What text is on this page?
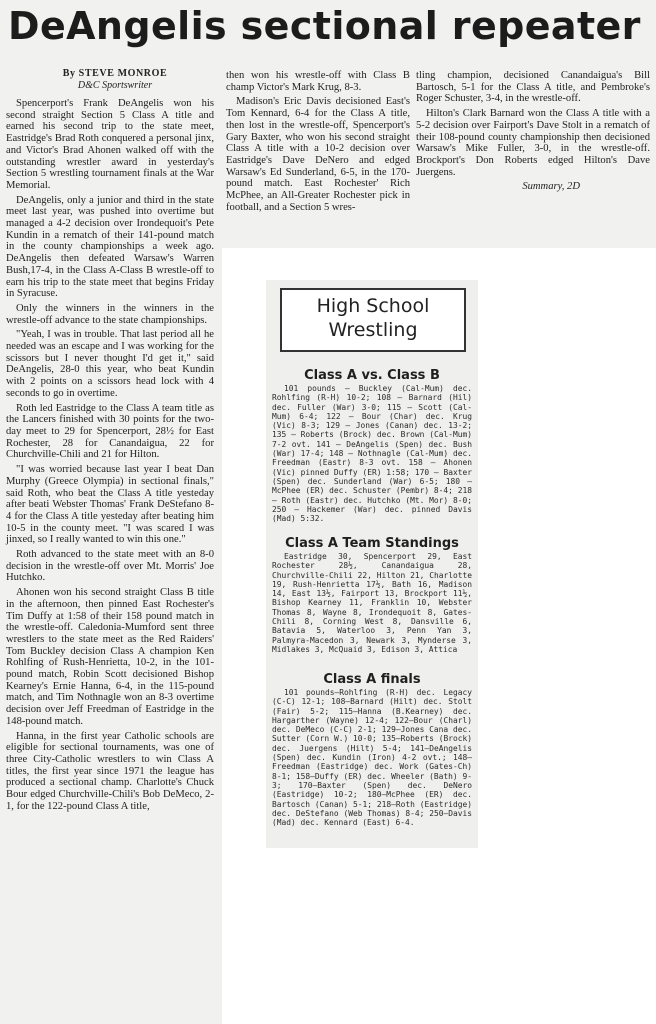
DeAngelis sectional repeater
By STEVE MONROE
D&C Sportswriter

Spencerport's Frank DeAngelis won his second straight Section 5 Class A title and earned his second trip to the state meet, Eastridge's Brad Roth conquered a personal jinx, and Victor's Brad Ahonen walked off with the outstanding wrestler award in yesterday's Section 5 wrestling tournament finals at the War Memorial.

DeAngelis, only a junior and third in the state meet last year, was pushed into overtime but managed a 4-2 decision over Irondequoit's Pete Kundin in a rematch of their 141-pound match in the county championships a week ago. DeAngelis then defeated Warsaw's Warren Bush,17-4, in the Class A-Class B wrestle-off to earn his trip to the state meet that begins Friday in Syracuse.

Only the winners in the winners in the wrestle-off advance to the state championships.

"Yeah, I was in trouble. That last period all he needed was an escape and I was working for the scissors but I never thought I'd get it," said DeAngelis, 28-0 this year, who beat Kundin with 2 points on a scissors head lock with 4 seconds to go in overtime.

Roth led Eastridge to the Class A team title as the Lancers finished with 30 points for the two-day meet to 29 for Spencerport, 28½ for East Rochester, 28 for Canandaigua, 22 for Churchville-Chili and 21 for Hilton.

"I was worried because last year I beat Dan Murphy (Greece Olympia) in sectional finals," said Roth, who beat the Class A title yesteday after beati Webster Thomas' Frank DeStefano 8-4 for the Class A title yesteday after beating him 10-5 in the county meet. "I was scared I was jinxed, so I really wanted to win this one."

Roth advanced to the state meet with an 8-0 decision in the wrestle-off over Mt. Morris' Joe Hutchko.

Ahonen won his second straight Class B title in the afternoon, then pinned East Rochester's Tim Duffy at 1:58 of their 158 pound match in the wrestle-off. Caledonia-Mumford sent three wrestlers to the state meet as the Red Raiders' Tom Buckley decision Class A champion Ken Rohlfing of Rush-Henrietta, 10-2, in the 101-pound match, Robin Scott decisioned Bishop Kearney's Ernie Hanna, 6-4, in the 115-pound match, and Tim Nothnagle won an 8-3 overtime decision over Jeff Freedman of Eastridge in the 148-pound match.

Hanna, in the first year Catholic schools are eligible for sectional tournaments, was one of three City-Catholic wrestlers to win Class A titles, the first year since 1971 the league has produced a sectional champ. Charlotte's Chuck Bour edged Churchville-Chili's Bob DeMeco, 2-1, for the 122-pound Class A title,

then won his wrestle-off with Class B champ Victor's Mark Krug, 8-3.

Madison's Eric Davis decisioned East's Tom Kennard, 6-4 for the Class A title, then lost in the wrestle-off, Spencerport's Gary Baxter, who won his second straight Class A title with a 10-2 decision over Eastridge's Dave DeNero and edged Warsaw's Ed Sunderland, 6-5, in the 170-pound match. East Rochester' Rich McPhee, an All-Greater Rochester pick in football, and a Section 5 wres-

tling champion, decisioned Canandaigua's Bill Bartosch, 5-1 for the Class A title, and Pembroke's Roger Schuster, 3-4, in the wrestle-off.

Hilton's Clark Barnard won the Class A title with a 5-2 decision over Fairport's Dave Stolt in a rematch of their 108-pound county championship then decisioned Warsaw's Mike Fuller, 3-0, in the wrestle-off. Brockport's Don Roberts edged Hilton's Dave Juergens.

Summary, 2D
High School
Wrestling
Class A vs. Class B

101 pounds — Buckley (Cal-Mum) dec. Rohlfing (R-H) 10-2; 108 — Barnard (Hil) dec. Fuller (War) 3-0; 115 — Scott (Cal-Mum) 6-4; 122 — Bour (Char) dec. Krug (Vic) 8-3; 129 — Jones (Canan) dec. 13-2; 135 — Roberts (Brock) dec. Brown (Cal-Mum) 7-2 ovt. 141 — DeAngelis (Spen) dec. Bush (War) 17-4; 148 — Nothnagle (Cal-Mum) dec. Freedman (Eastr) 8-3 ovt. 158 — Ahonen (Vic) pinned Duffy (ER) 1:58; 170 — Baxter (Spen) dec. Sunderland (War) 6-5; 180 — McPhee (ER) dec. Schuster (Pembr) 8-4; 218 — Roth (Eastr) dec. Hutchko (Mt. Mor) 8-0; 250 — Hackemer (War) dec. pinned Davis (Mad) 5:32.

Class A Team Standings

Eastridge 30, Spencerport 29, East Rochester 28½, Canandaigua 28, Churchville-Chili 22, Hilton 21, Charlotte 19, Rush-Henrietta 17½, Bath 16, Madison 14, East 13½, Fairport 13, Brockport 11½, Bishop Kearney 11, Franklin 10, Webster Thomas 8, Wayne 8, Irondequoit 8, Gates-Chili 8, Corning West 8, Dansville 6, Batavia 5, Waterloo 3, Penn Yan 3, Palmyra-Macedon 3, Newark 3, Mynderse 3, Midlakes 3, McQuaid 3, Edison 3, Attica

Class A finals

101 pounds—Rohlfing (R-H) dec. Legacy (C-C) 12-1; 108—Barnard (Hilt) dec. Stolt (Fair) 5-2; 115—Hanna (B.Kearney) dec. Hargarther (Wayne) 12-4; 122—Bour (Charl) dec. DeMeco (C-C) 2-1; 129—Jones Cana dec. Sutter (Corn W.) 10-0; 135—Roberts (Brock) dec. Juergens (Hilt) 5-4; 141—DeAngelis (Spen) dec. Kundin (Iron) 4-2 ovt.; 148—Freedman (Eastridge) dec. Work (Gates-Ch) 8-1; 158—Duffy (ER) dec. Wheeler (Bath) 9-3; 170—Baxter (Spen) dec. DeNero (Eastridge) 10-2; 180—McPhee (ER) dec. Bartosch (Canan) 5-1; 218—Roth (Eastridge) dec. DeStefano (Web Thomas) 8-4; 250—Davis (Mad) dec. Kennard (East) 6-4.
